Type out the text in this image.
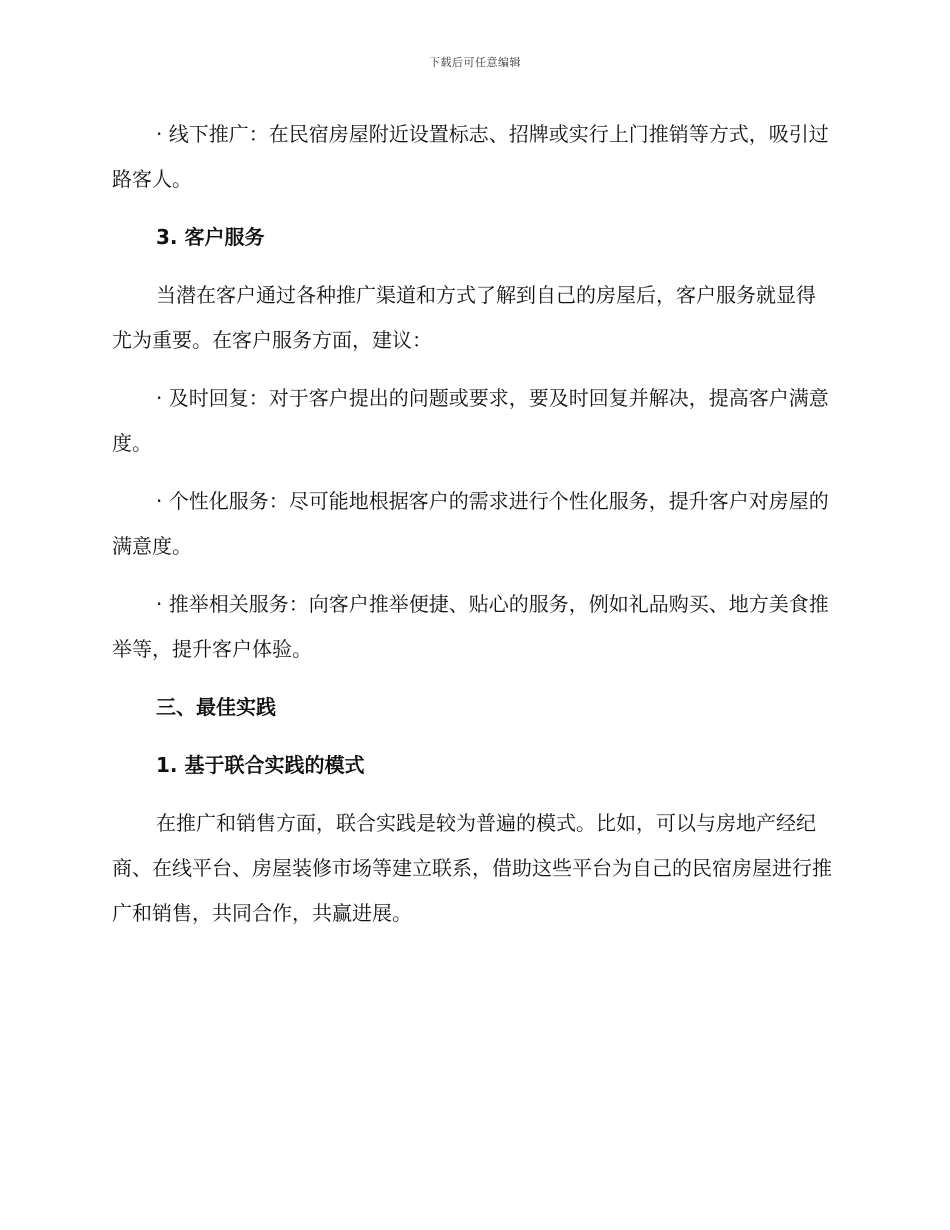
下载后可任意编辑

· 线下推广：在民宿房屋附近设置标志、招牌或实行上门推销等方式，吸引过路客人。

3. 客户服务

当潜在客户通过各种推广渠道和方式了解到自己的房屋后，客户服务就显得尤为重要。在客户服务方面，建议：

· 及时回复：对于客户提出的问题或要求，要及时回复并解决，提高客户满意度。

· 个性化服务：尽可能地根据客户的需求进行个性化服务，提升客户对房屋的满意度。

· 推举相关服务：向客户推举便捷、贴心的服务，例如礼品购买、地方美食推举等，提升客户体验。

三、最佳实践
1. 基于联合实践的模式

在推广和销售方面，联合实践是较为普遍的模式。比如，可以与房地产经纪商、在线平台、房屋装修市场等建立联系，借助这些平台为自己的民宿房屋进行推广和销售，共同合作，共赢进展。
